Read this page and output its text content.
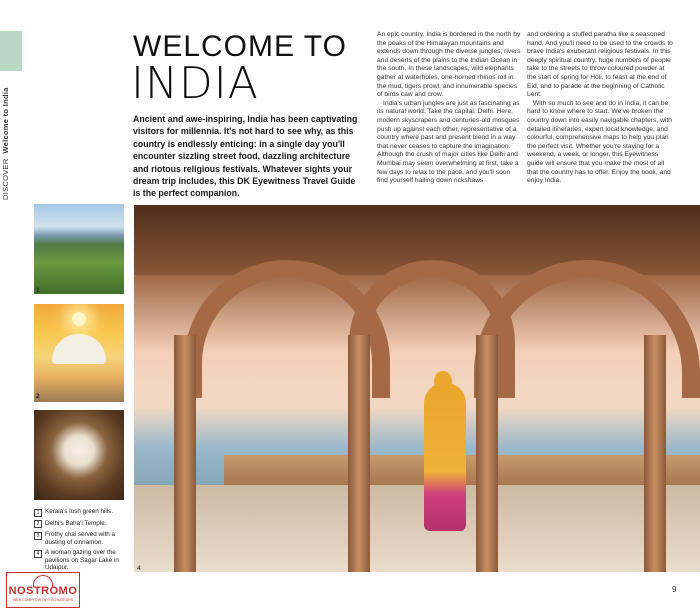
DISCOVER  Welcome to India
WELCOME TO
INDIA
Ancient and awe-inspiring, India has been captivating visitors for millennia. It's not hard to see why, as this country is endlessly enticing: in a single day you'll encounter sizzling street food, dazzling architecture and riotous religious festivals. Whatever sights your dream trip includes, this DK Eyewitness Travel Guide is the perfect companion.

An epic country, India is bordered in the north by the peaks of the Himalayan mountains and extends down through the diverse jungles, rivers and deserts of the plains to the Indian Ocean in the south. In these landscapes, wild elephants gather at waterholes, one-horned rhinos roll in the mud, tigers prowl, and innumerable species of birds caw and crow.

India's urban jungles are just as fascinating as its natural world. Take the capital, Delhi. Here, modern skyscrapers and centuries-old mosques push up against each other, representative of a country where past and present blend in a way that never ceases to capture the imagination. Although the crush of major cities like Delhi and Mumbai may seem overwhelming at first, take a few days to relax to the pace, and you'll soon find yourself hailing down rickshaws

and ordering a stuffed paratha like a seasoned hand. And you'll need to be used to the crowds to brave India's exuberant religious festivals. In this deeply spiritual country, huge numbers of people take to the streets to throw coloured powder at the start of spring for Holi, to feast at the end of Eid, and to parade at the beginning of Catholic Lent.

With so much to see and do in India, it can be hard to know where to start. We've broken the country down into easily navigable chapters, with detailed itineraries, expert local knowledge, and colourful, comprehensive maps to help you plan the perfect visit. Whether you're staying for a weekend, a week, or longer, this Eyewitness guide will ensure that you make the most of all that the country has to offer. Enjoy the book, and enjoy India.

1
2
3
1 Kerala's lush green hills.
2 Delhi's Baha'i Temple.
3 Frothy chai served with a dusting of cinnamon.
4 A woman gazing over the pavilions on Sagar Lake in Udaipur.	4
9
NOSTROMO
WEB COMPTOIR DES VOYAGEURS
